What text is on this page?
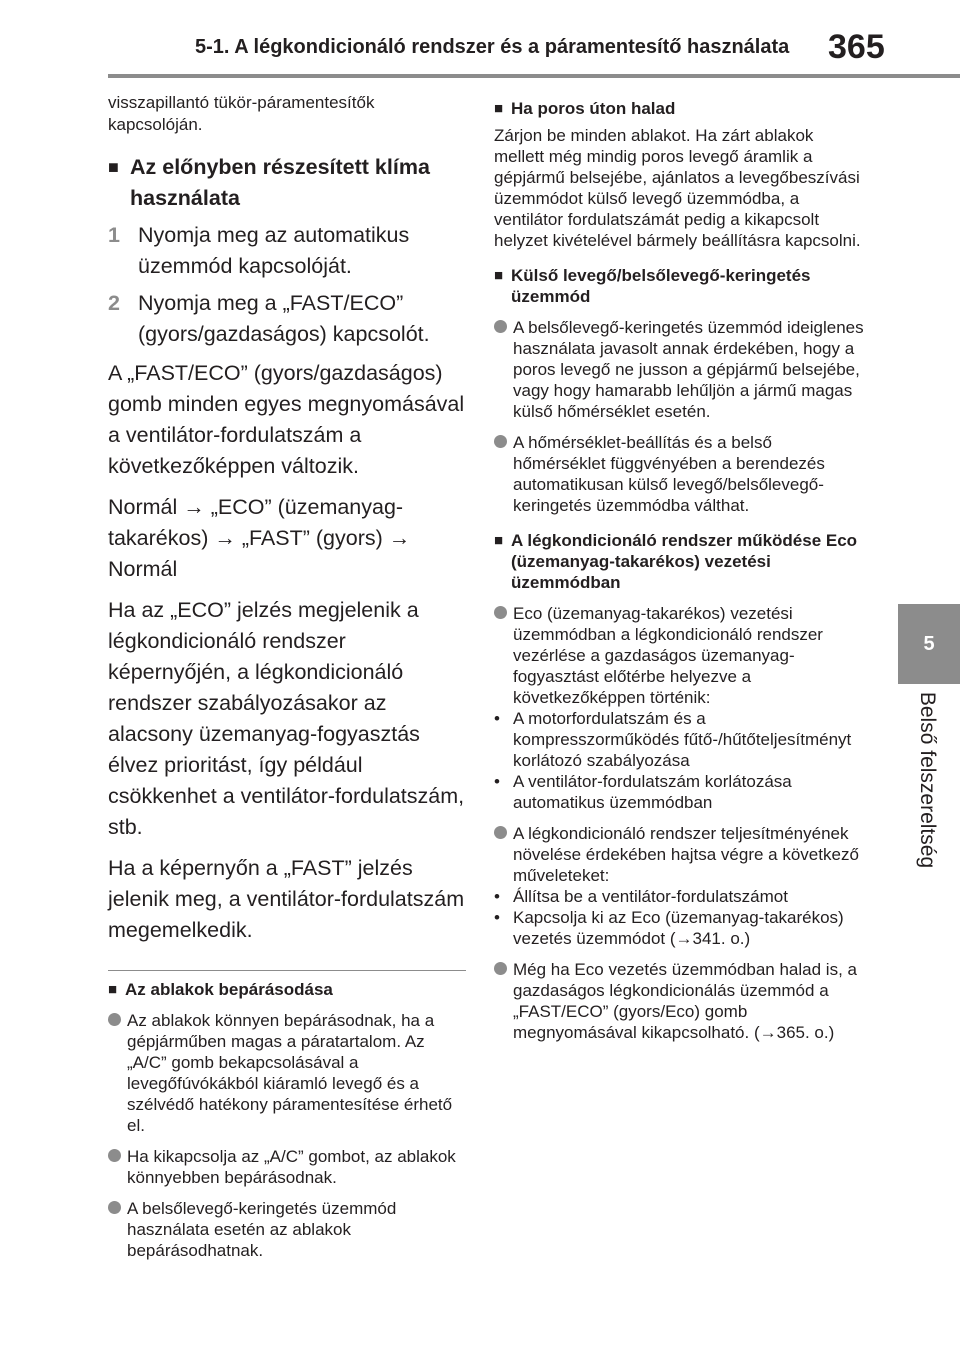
5-1. A légkondicionáló rendszer és a páramentesítő használata 365
5
Belső felszereltség

visszapillantó tükör-páramentesítők kapcsolóján.

■ Az előnyben részesített klíma használata
1 Nyomja meg az automatikus üzemmód kapcsolóját.
2 Nyomja meg a „FAST/ECO” (gyors/gazdaságos) kapcsolót.

A „FAST/ECO” (gyors/gazdaságos) gomb minden egyes megnyomásával a ventilátor-fordulatszám a következőképpen változik.

Normál → „ECO” (üzemanyag-takarékos) → „FAST” (gyors) → Normál

Ha az „ECO” jelzés megjelenik a légkondicionáló rendszer képernyőjén, a légkondicionáló rendszer szabályozásakor az alacsony üzemanyag-fogyasztás élvez prioritást, így például csökkenhet a ventilátor-fordulatszám, stb.

Ha a képernyőn a „FAST” jelzés jelenik meg, a ventilátor-fordulatszám megemelkedik.

■ Az ablakok bepárásodása
Az ablakok könnyen bepárásodnak, ha a gépjárműben magas a páratartalom. Az „A/C” gomb bekapcsolásával a levegőfúvókákból kiáramló levegő és a szélvédő hatékony páramentesítése érhető el.
Ha kikapcsolja az „A/C” gombot, az ablakok könnyebben bepárásodnak.
A belsőlevegő-keringetés üzemmód használata esetén az ablakok bepárásodhatnak.
■ Ha poros úton halad
Zárjon be minden ablakot. Ha zárt ablakok mellett még mindig poros levegő áramlik a gépjármű belsejébe, ajánlatos a levegőbeszívási üzemmódot külső levegő üzemmódba, a ventilátor fordulatszámát pedig a kikapcsolt helyzet kivételével bármely beállításra kapcsolni.
■ Külső levegő/belsőlevegő-keringetés üzemmód
A belsőlevegő-keringetés üzemmód ideiglenes használata javasolt annak érdekében, hogy a poros levegő ne jusson a gépjármű belsejébe, vagy hogy hamarabb lehűljön a jármű magas külső hőmérséklet esetén.
A hőmérséklet-beállítás és a belső hőmérséklet függvényében a berendezés automatikusan külső levegő/belsőlevegő-keringetés üzemmódba válthat.
■ A légkondicionáló rendszer működése Eco (üzemanyag-takarékos) vezetési üzemmódban
Eco (üzemanyag-takarékos) vezetési üzemmódban a légkondicionáló rendszer vezérlése a gazdaságos üzemanyag-fogyasztást előtérbe helyezve a következőképpen történik:
• A motorfordulatszám és a kompresszorműködés fűtő-/hűtőteljesítményt korlátozó szabályozása
• A ventilátor-fordulatszám korlátozása automatikus üzemmódban
A légkondicionáló rendszer teljesítményének növelése érdekében hajtsa végre a következő műveleteket:
• Állítsa be a ventilátor-fordulatszámot
• Kapcsolja ki az Eco (üzemanyag-takarékos) vezetés üzemmódot (→341. o.)
Még ha Eco vezetés üzemmódban halad is, a gazdaságos légkondicionálás üzemmód a „FAST/ECO” (gyors/Eco) gomb megnyomásával kikapcsolható. (→365. o.)
